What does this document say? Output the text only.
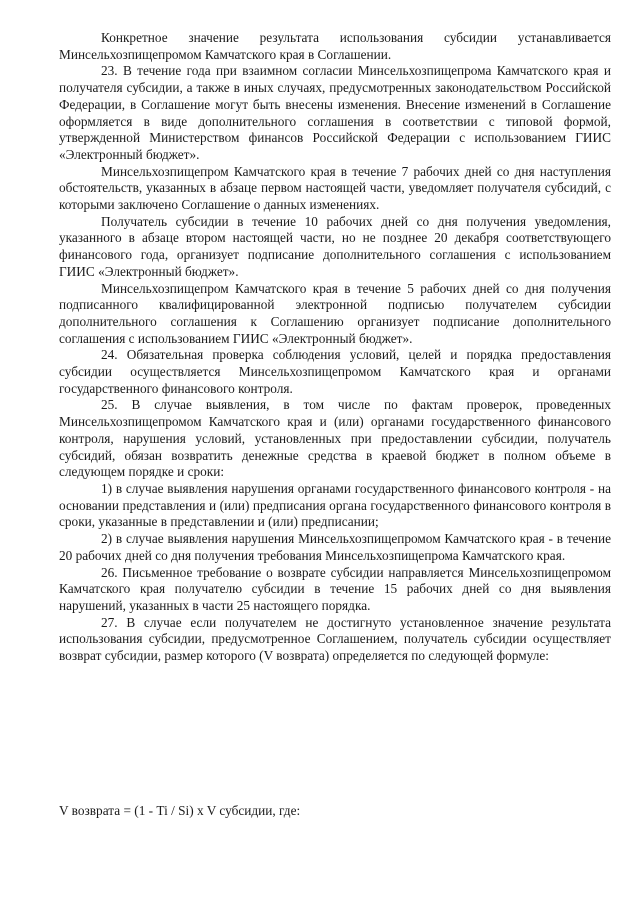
Конкретное значение результата использования субсидии устанавливается Минсельхозпищепромом Камчатского края в Соглашении.

23. В течение года при взаимном согласии Минсельхозпищепрома Камчатского края и получателя субсидии, а также в иных случаях, предусмотренных законодательством Российской Федерации, в Соглашение могут быть внесены изменения. Внесение изменений в Соглашение оформляется в виде дополнительного соглашения в соответствии с типовой формой, утвержденной Министерством финансов Российской Федерации с использованием ГИИС «Электронный бюджет».

Минсельхозпищепром Камчатского края в течение 7 рабочих дней со дня наступления обстоятельств, указанных в абзаце первом настоящей части, уведомляет получателя субсидий, с которыми заключено Соглашение о данных изменениях.

Получатель субсидии в течение 10 рабочих дней со дня получения уведомления, указанного в абзаце втором настоящей части, но не позднее 20 декабря соответствующего финансового года, организует подписание дополнительного соглашения с использованием ГИИС «Электронный бюджет».

Минсельхозпищепром Камчатского края в течение 5 рабочих дней со дня получения подписанного квалифицированной электронной подписью получателем субсидии дополнительного соглашения к Соглашению организует подписание дополнительного соглашения с использованием ГИИС «Электронный бюджет».

24. Обязательная проверка соблюдения условий, целей и порядка предоставления субсидии осуществляется Минсельхозпищепромом Камчатского края и органами государственного финансового контроля.

25. В случае выявления, в том числе по фактам проверок, проведенных Минсельхозпищепромом Камчатского края и (или) органами государственного финансового контроля, нарушения условий, установленных при предоставлении субсидии, получатель субсидий, обязан возвратить денежные средства в краевой бюджет в полном объеме в следующем порядке и сроки:

1) в случае выявления нарушения органами государственного финансового контроля - на основании представления и (или) предписания органа государственного финансового контроля в сроки, указанные в представлении и (или) предписании;

2) в случае выявления нарушения Минсельхозпищепромом Камчатского края - в течение 20 рабочих дней со дня получения требования Минсельхозпищепрома Камчатского края.

26. Письменное требование о возврате субсидии направляется Минсельхозпищепромом Камчатского края получателю субсидии в течение 15 рабочих дней со дня выявления нарушений, указанных в части 25 настоящего порядка.

27. В случае если получателем не достигнуто установленное значение результата использования субсидии, предусмотренное Соглашением, получатель субсидии осуществляет возврат субсидии, размер которого (V возврата) определяется по следующей формуле:

V возврата = (1 - Ti / Si) x V субсидии, где:
